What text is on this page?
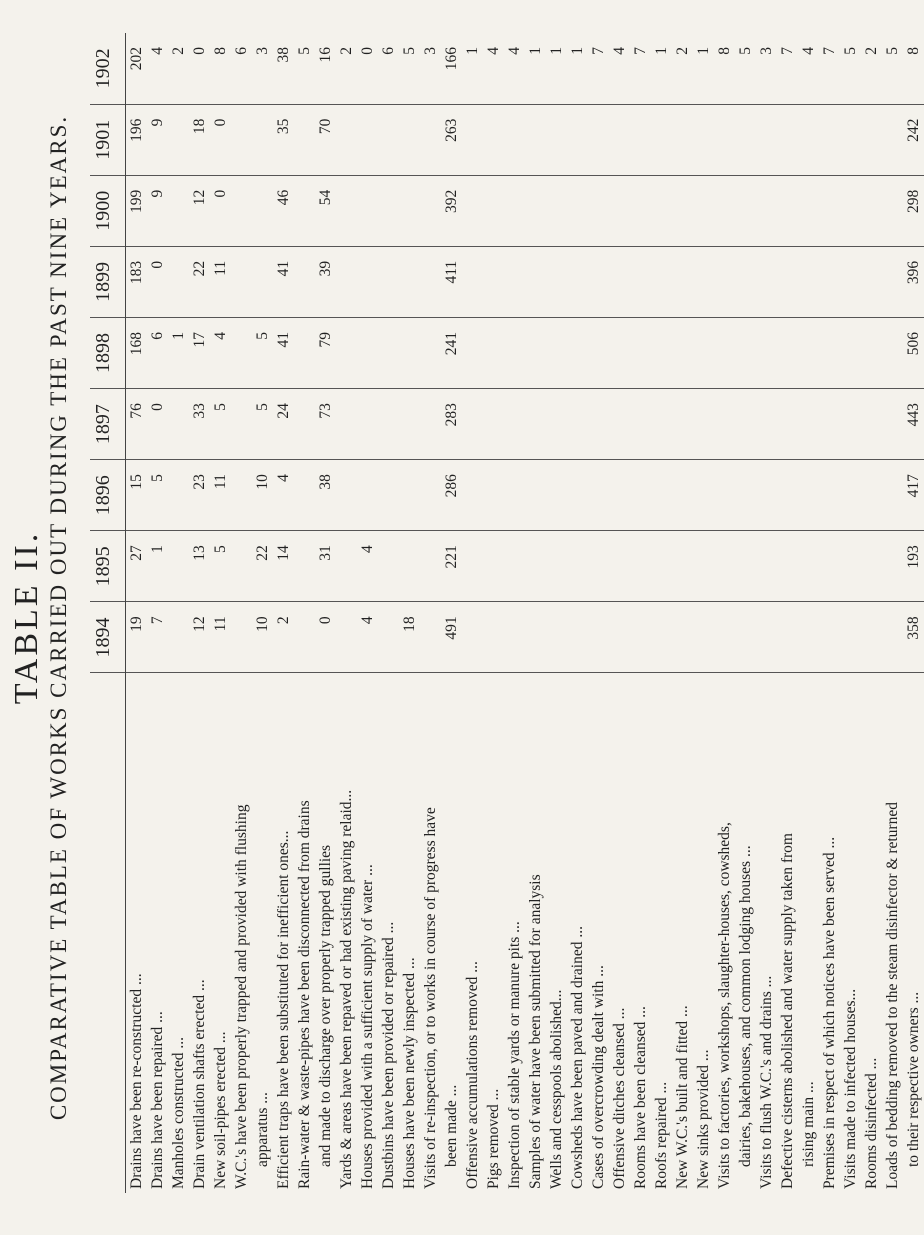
TABLE II. COMPARATIVE TABLE OF WORKS CARRIED OUT DURING THE PAST NINE YEARS.
	1894	1895	1896	1897	1898	1899	1900	1901	1902
Drains have been re-constructed ...	19	27	15	76	168	183	199	196	202
Drains have been repaired ...	7	1	5	0	6	0	9	9	4
Manholes constructed ...					1				2
Drain ventilation shafts erected ...	12	13	23	33	17	22	12	18	0
New soil-pipes erected ...	11	5	11	5	4	11	0	0	8
W.C.'s have been properly trapped and provided with flushing									6
apparatus ...	10	22	10	5	5				3
Efficient traps have been substituted for inefficient ones...	2	14	4	24	41	41	46	35	38
Rain-water & waste-pipes have been disconnected from drains									5
and made to discharge over properly trapped gullies	0	31	38	73	79	39	54	70	16
Yards & areas have been repaved or had existing paving relaid...									2
Houses provided with a sufficient supply of water ...	4	4							0
Dustbins have been provided or repaired ...									6
Houses have been newly inspected ...	18								5
Visits of re-inspection, or to works in course of progress have									3
been made ...	491	221	286	283	241	411	392	263	166
Offensive accumulations removed ...									1
Pigs removed ...									4
Inspection of stable yards or manure pits ...									4
Samples of water have been submitted for analysis									1
Wells and cesspools abolished...									1
Cowsheds have been paved and drained ...									1
Cases of overcrowding dealt with ...									7
Offensive ditches cleansed ...									4
Rooms have been cleansed ...									7
Roofs repaired ...									1
New W.C.'s built and fitted ...									2
New sinks provided ...									1
Visits to factories, workshops, slaughter-houses, cowsheds,									8
dairies, bakehouses, and common lodging houses ...									5
Visits to flush W.C.'s and drains ...									3
Defective cisterns abolished and water supply taken from									7
rising main ...									4
Premises in respect of which notices have been served ...									7
Visits made to infected houses...									5
Rooms disinfected ...									2
Loads of bedding removed to the steam disinfector & returned									5
to their respective owners ...	358	193	417	443	506	396	298	242	8
